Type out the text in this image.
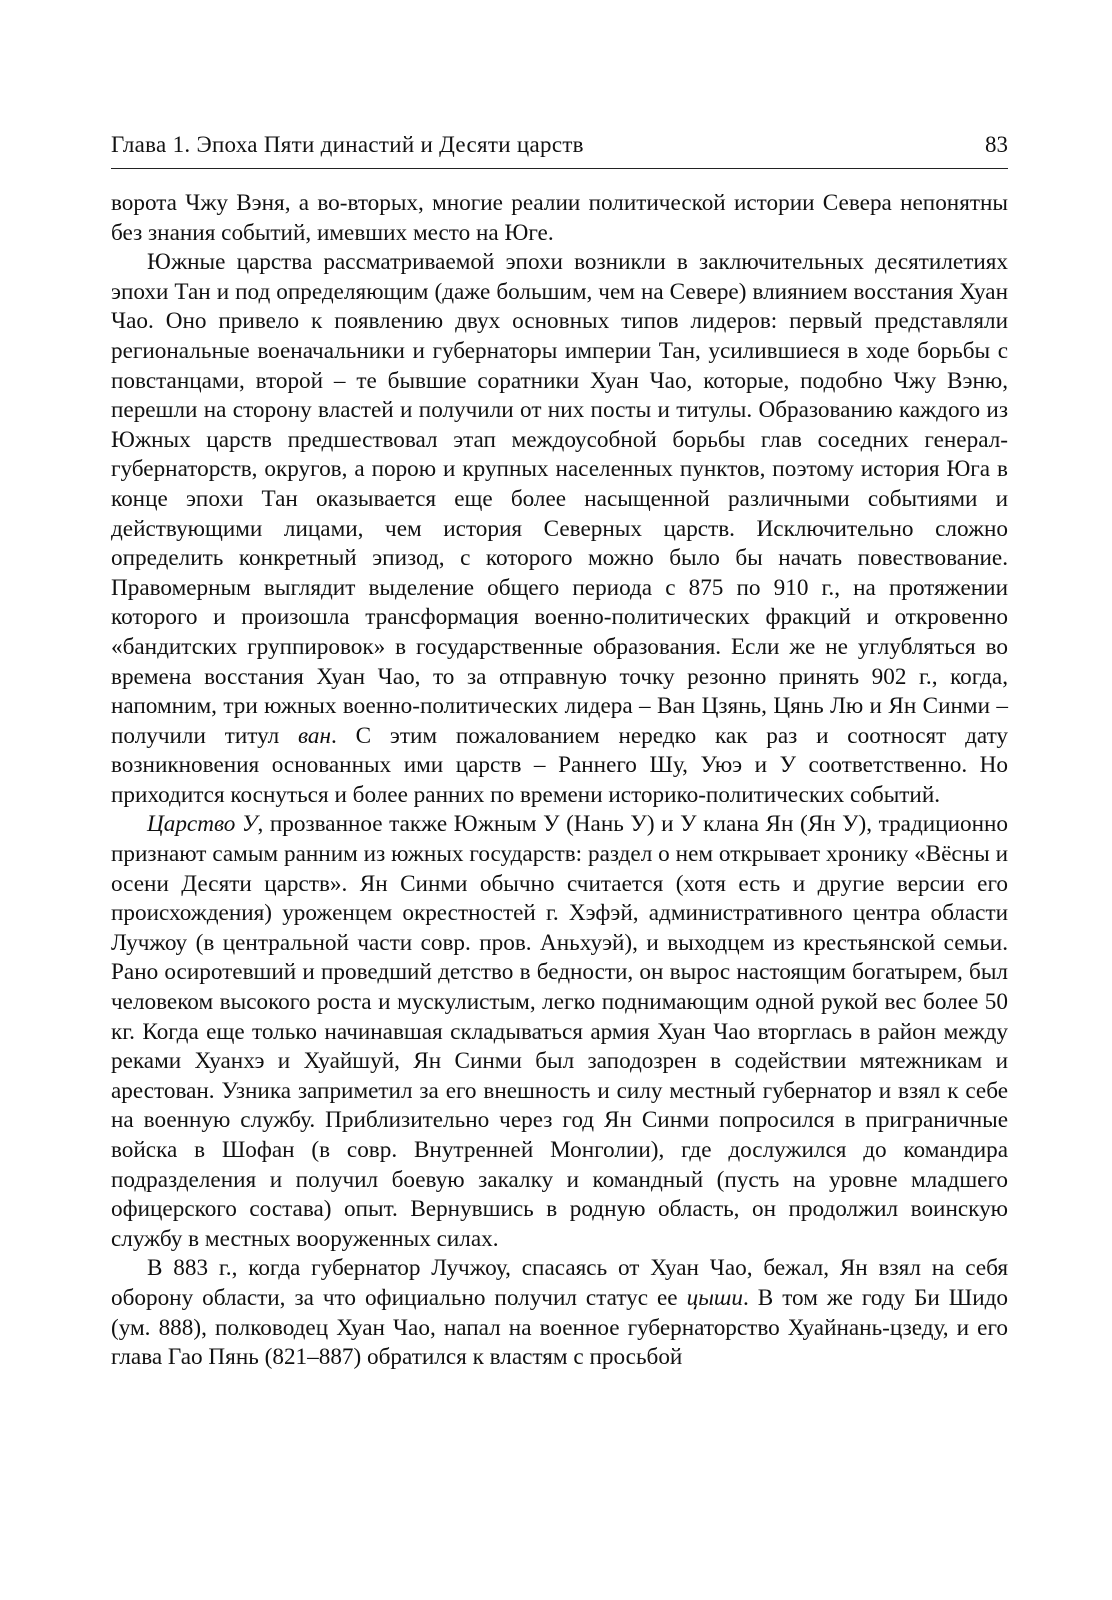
Глава 1. Эпоха Пяти династий и Десяти царств	83

ворота Чжу Вэня, а во-вторых, многие реалии политической истории Севера непонятны без знания событий, имевших место на Юге.

Южные царства рассматриваемой эпохи возникли в заключительных десятилетиях эпохи Тан и под определяющим (даже большим, чем на Севере) влиянием восстания Хуан Чао. Оно привело к появлению двух основных типов лидеров: первый представляли региональные военачальники и губернаторы империи Тан, усилившиеся в ходе борьбы с повстанцами, второй – те бывшие соратники Хуан Чао, которые, подобно Чжу Вэню, перешли на сторону властей и получили от них посты и титулы. Образованию каждого из Южных царств предшествовал этап междоусобной борьбы глав соседних генерал-губернаторств, округов, а порою и крупных населенных пунктов, поэтому история Юга в конце эпохи Тан оказывается еще более насыщенной различными событиями и действующими лицами, чем история Северных царств. Исключительно сложно определить конкретный эпизод, с которого можно было бы начать повествование. Правомерным выглядит выделение общего периода с 875 по 910 г., на протяжении которого и произошла трансформация военно-политических фракций и откровенно «бандитских группировок» в государственные образования. Если же не углубляться во времена восстания Хуан Чао, то за отправную точку резонно принять 902 г., когда, напомним, три южных военно-политических лидера – Ван Цзянь, Цянь Лю и Ян Синми – получили титул ван. С этим пожалованием нередко как раз и соотносят дату возникновения основанных ими царств – Раннего Шу, Уюэ и У соответственно. Но приходится коснуться и более ранних по времени историко-политических событий.

Царство У, прозванное также Южным У (Нань У) и У клана Ян (Ян У), традиционно признают самым ранним из южных государств: раздел о нем открывает хронику «Вёсны и осени Десяти царств». Ян Синми обычно считается (хотя есть и другие версии его происхождения) уроженцем окрестностей г. Хэфэй, административного центра области Лучжоу (в центральной части совр. пров. Аньхуэй), и выходцем из крестьянской семьи. Рано осиротевший и проведший детство в бедности, он вырос настоящим богатырем, был человеком высокого роста и мускулистым, легко поднимающим одной рукой вес более 50 кг. Когда еще только начинавшая складываться армия Хуан Чао вторглась в район между реками Хуанхэ и Хуайшуй, Ян Синми был заподозрен в содействии мятежникам и арестован. Узника заприметил за его внешность и силу местный губернатор и взял к себе на военную службу. Приблизительно через год Ян Синми попросился в приграничные войска в Шофан (в совр. Внутренней Монголии), где дослужился до командира подразделения и получил боевую закалку и командный (пусть на уровне младшего офицерского состава) опыт. Вернувшись в родную область, он продолжил воинскую службу в местных вооруженных силах.

В 883 г., когда губернатор Лучжоу, спасаясь от Хуан Чао, бежал, Ян взял на себя оборону области, за что официально получил статус ее цыши. В том же году Би Шидо (ум. 888), полководец Хуан Чао, напал на военное губернаторство Хуайнань-цзеду, и его глава Гао Пянь (821–887) обратился к властям с просьбой
